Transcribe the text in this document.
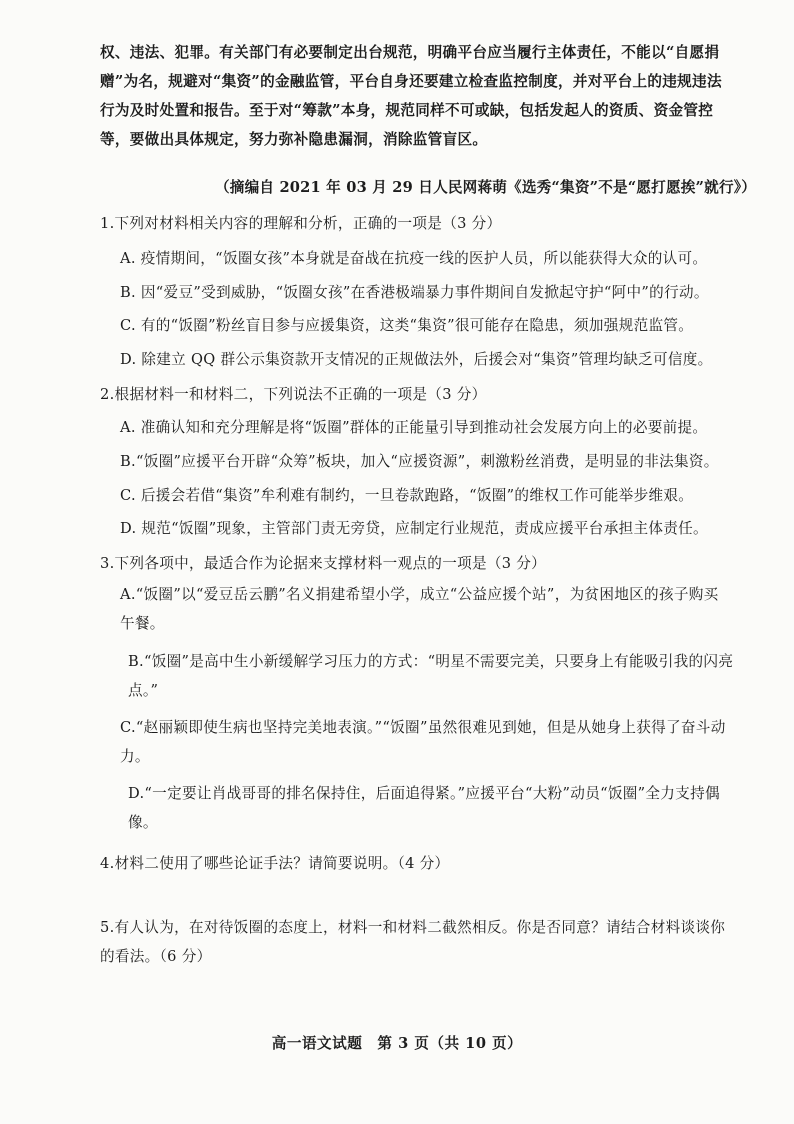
权、违法、犯罪。有关部门有必要制定出台规范，明确平台应当履行主体责任，不能以“自愿捐赠”为名，规避对“集资”的金融监管，平台自身还要建立检查监控制度，并对平台上的违规违法行为及时处置和报告。至于对“筹款”本身，规范同样不可或缺，包括发起人的资质、资金管控等，要做出具体规定，努力弥补隐患漏洞，消除监管盲区。
（摘编自 2021 年 03 月 29 日人民网蒋萌《选秀“集资”不是“愿打愿挨”就行》）
1.下列对材料相关内容的理解和分析，正确的一项是（3 分）
A. 疫情期间，“饭圈女孩”本身就是奋战在抗疫一线的医护人员，所以能获得大众的认可。
B. 因“爱豆”受到威胁，“饭圈女孩”在香港极端暴力事件期间自发掀起守护“阿中”的行动。
C. 有的“饭圈”粉丝盲目参与应援集资，这类“集资”很可能存在隐患，须加强规范监管。
D. 除建立 QQ 群公示集资款开支情况的正规做法外，后援会对“集资”管理均缺乏可信度。
2.根据材料一和材料二，下列说法不正确的一项是（3 分）
A. 准确认知和充分理解是将“饭圈”群体的正能量引导到推动社会发展方向上的必要前提。
B.“饭圈”应援平台开辟“众筹”板块，加入“应援资源”，刺激粉丝消费，是明显的非法集资。
C. 后援会若借“集资”牟利难有制约，一旦卷款跑路，“饭圈”的维权工作可能举步维艰。
D. 规范“饭圈”现象，主管部门责无旁贷，应制定行业规范，责成应援平台承担主体责任。
3.下列各项中，最适合作为论据来支撑材料一观点的一项是（3 分）
A.“饭圈”以“爱豆岳云鹏”名义捐建希望小学，成立“公益应援个站”，为贫困地区的孩子购买午餐。
B.“饭圈”是高中生小新缓解学习压力的方式：“明星不需要完美，只要身上有能吸引我的闪亮点。”
C.“赵丽颖即使生病也坚持完美地表演。”“饭圈”虽然很难见到她，但是从她身上获得了奋斗动力。
D.“一定要让肖战哥哥的排名保持住，后面追得紧。”应援平台“大粉”动员“饭圈”全力支持偶像。
4.材料二使用了哪些论证手法？请简要说明。（4 分）
5.有人认为，在对待饭圈的态度上，材料一和材料二截然相反。你是否同意？请结合材料谈谈你的看法。（6 分）
高一语文试题　第 3 页（共 10 页）
